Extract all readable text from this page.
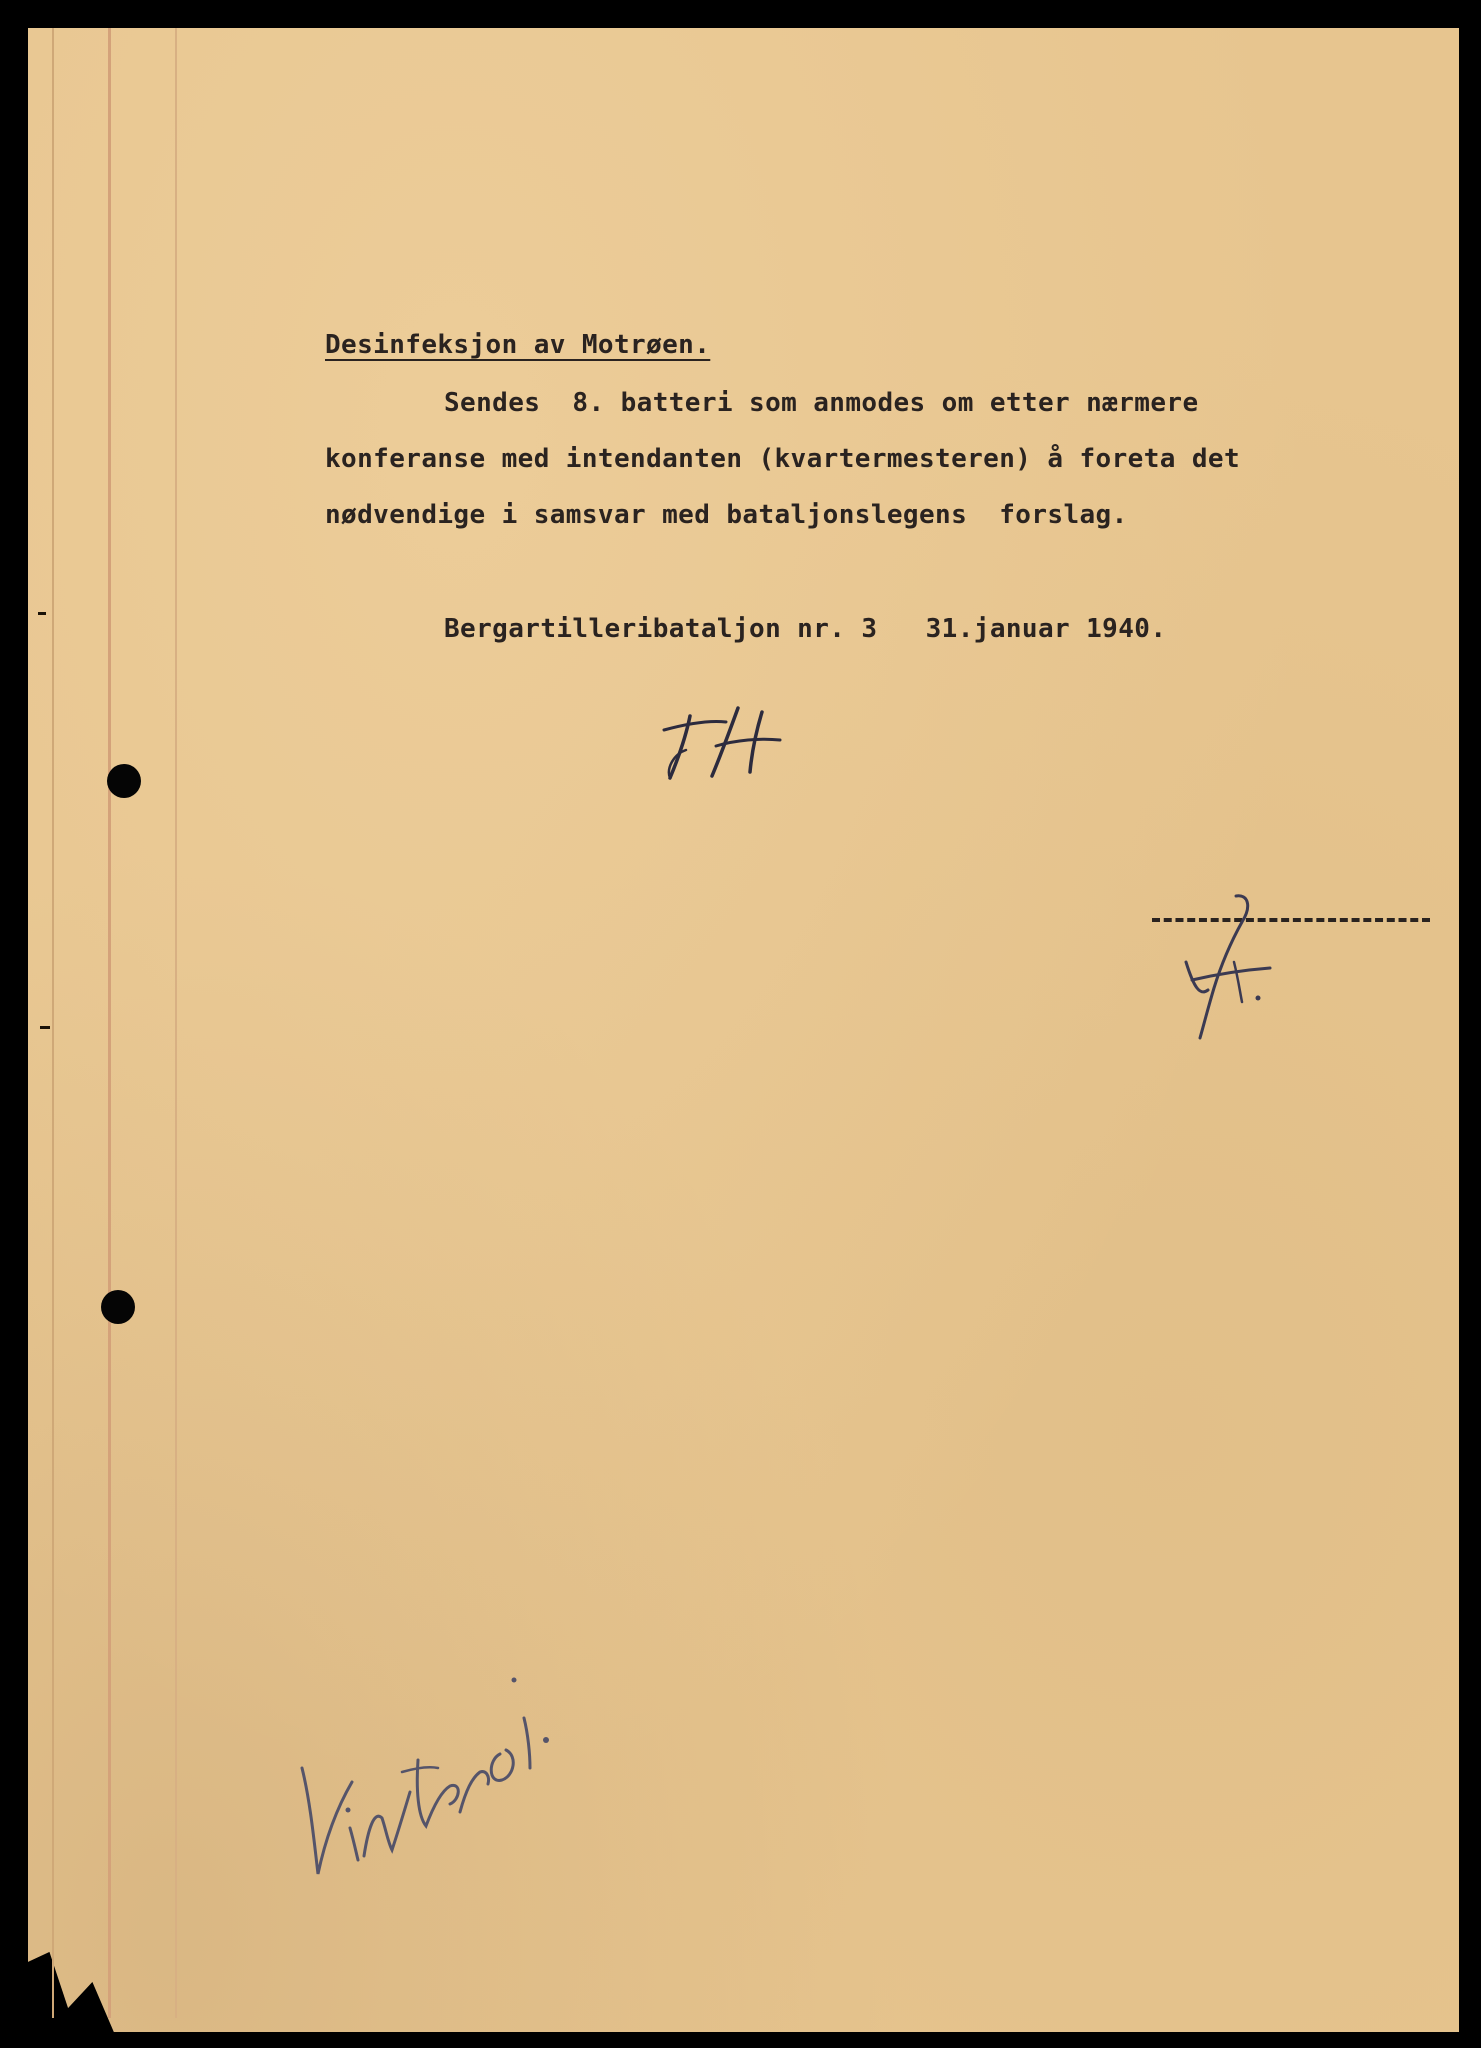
Desinfeksjon av Motrøen.
Sendes  8. batteri som anmodes om etter nærmere
konferanse med intendanten (kvartermesteren) å foreta det
nødvendige i samsvar med bataljonslegens  forslag.
Bergartilleribataljon nr. 3   31.januar 1940.
